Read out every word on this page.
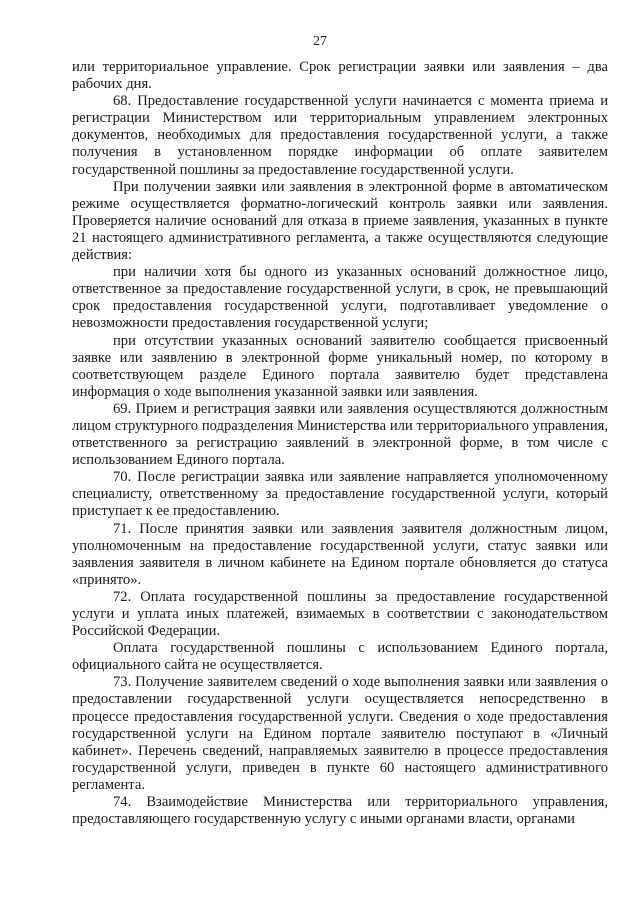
27

или территориальное управление. Срок регистрации заявки или заявления – два рабочих дня.

68. Предоставление государственной услуги начинается с момента приема и регистрации Министерством или территориальным управлением электронных документов, необходимых для предоставления государственной услуги, а также получения в установленном порядке информации об оплате заявителем государственной пошлины за предоставление государственной услуги.

При получении заявки или заявления в электронной форме в автоматическом режиме осуществляется форматно-логический контроль заявки или заявления. Проверяется наличие оснований для отказа в приеме заявления, указанных в пункте 21 настоящего административного регламента, а также осуществляются следующие действия:

при наличии хотя бы одного из указанных оснований должностное лицо, ответственное за предоставление государственной услуги, в срок, не превышающий срок предоставления государственной услуги, подготавливает уведомление о невозможности предоставления государственной услуги;

при отсутствии указанных оснований заявителю сообщается присвоенный заявке или заявлению в электронной форме уникальный номер, по которому в соответствующем разделе Единого портала заявителю будет представлена информация о ходе выполнения указанной заявки или заявления.

69. Прием и регистрация заявки или заявления осуществляются должностным лицом структурного подразделения Министерства или территориального управления, ответственного за регистрацию заявлений в электронной форме, в том числе с использованием Единого портала.

70. После регистрации заявка или заявление направляется уполномоченному специалисту, ответственному за предоставление государственной услуги, который приступает к ее предоставлению.

71. После принятия заявки или заявления заявителя должностным лицом, уполномоченным на предоставление государственной услуги, статус заявки или заявления заявителя в личном кабинете на Едином портале обновляется до статуса «принято».

72. Оплата государственной пошлины за предоставление государственной услуги и уплата иных платежей, взимаемых в соответствии с законодательством Российской Федерации.

Оплата государственной пошлины с использованием Единого портала, официального сайта не осуществляется.

73. Получение заявителем сведений о ходе выполнения заявки или заявления о предоставлении государственной услуги осуществляется непосредственно в процессе предоставления государственной услуги. Сведения о ходе предоставления государственной услуги на Едином портале заявителю поступают в «Личный кабинет». Перечень сведений, направляемых заявителю в процессе предоставления государственной услуги, приведен в пункте 60 настоящего административного регламента.

74. Взаимодействие Министерства или территориального управления, предоставляющего государственную услугу с иными органами власти, органами
